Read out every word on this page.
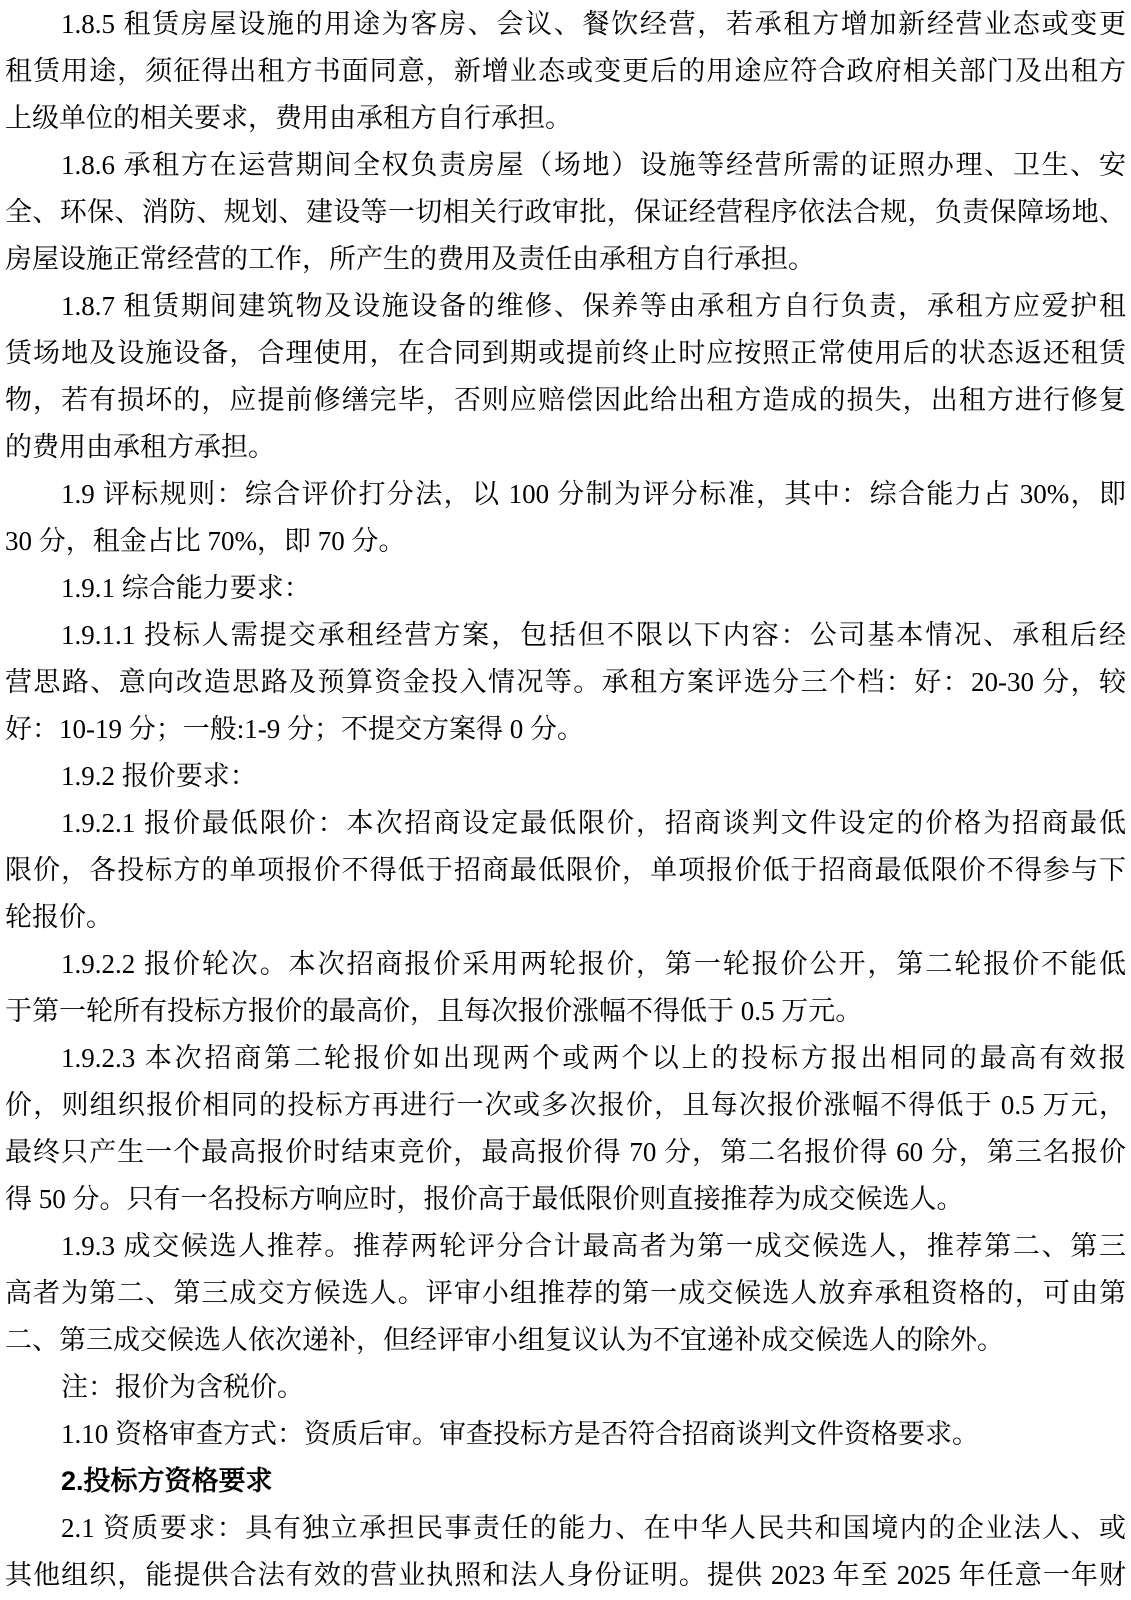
1.8.5 租赁房屋设施的用途为客房、会议、餐饮经营，若承租方增加新经营业态或变更
租赁用途，须征得出租方书面同意，新增业态或变更后的用途应符合政府相关部门及出租方
上级单位的相关要求，费用由承租方自行承担。
1.8.6 承租方在运营期间全权负责房屋（场地）设施等经营所需的证照办理、卫生、安
全、环保、消防、规划、建设等一切相关行政审批，保证经营程序依法合规，负责保障场地、
房屋设施正常经营的工作，所产生的费用及责任由承租方自行承担。
1.8.7 租赁期间建筑物及设施设备的维修、保养等由承租方自行负责，承租方应爱护租
赁场地及设施设备，合理使用，在合同到期或提前终止时应按照正常使用后的状态返还租赁
物，若有损坏的，应提前修缮完毕，否则应赔偿因此给出租方造成的损失，出租方进行修复
的费用由承租方承担。
1.9 评标规则：综合评价打分法，以 100 分制为评分标准，其中：综合能力占 30%，即
30 分，租金占比 70%，即 70 分。
1.9.1 综合能力要求：
1.9.1.1 投标人需提交承租经营方案，包括但不限以下内容：公司基本情况、承租后经
营思路、意向改造思路及预算资金投入情况等。承租方案评选分三个档：好：20-30 分，较
好：10-19 分；一般:1-9 分；不提交方案得 0 分。
1.9.2 报价要求：
1.9.2.1 报价最低限价：本次招商设定最低限价，招商谈判文件设定的价格为招商最低
限价，各投标方的单项报价不得低于招商最低限价，单项报价低于招商最低限价不得参与下
轮报价。
1.9.2.2 报价轮次。本次招商报价采用两轮报价，第一轮报价公开，第二轮报价不能低
于第一轮所有投标方报价的最高价，且每次报价涨幅不得低于 0.5 万元。
1.9.2.3 本次招商第二轮报价如出现两个或两个以上的投标方报出相同的最高有效报
价，则组织报价相同的投标方再进行一次或多次报价，且每次报价涨幅不得低于 0.5 万元，
最终只产生一个最高报价时结束竞价，最高报价得 70 分，第二名报价得 60 分，第三名报价
得 50 分。只有一名投标方响应时，报价高于最低限价则直接推荐为成交候选人。
1.9.3 成交候选人推荐。推荐两轮评分合计最高者为第一成交候选人，推荐第二、第三
高者为第二、第三成交方候选人。评审小组推荐的第一成交候选人放弃承租资格的，可由第
二、第三成交候选人依次递补，但经评审小组复议认为不宜递补成交候选人的除外。
注：报价为含税价。
1.10 资格审查方式：资质后审。审查投标方是否符合招商谈判文件资格要求。
2.投标方资格要求
2.1 资质要求：具有独立承担民事责任的能力、在中华人民共和国境内的企业法人、或
其他组织，能提供合法有效的营业执照和法人身份证明。提供 2023 年至 2025 年任意一年财
